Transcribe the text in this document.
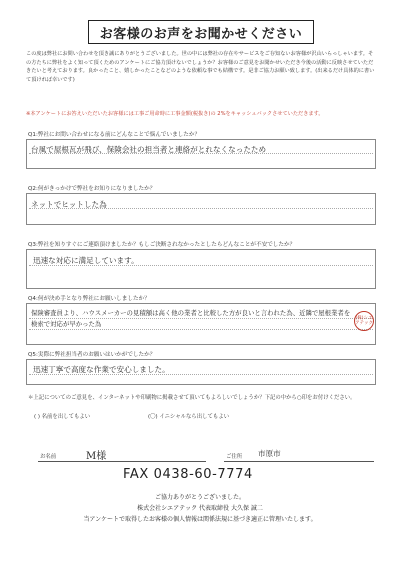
お客様のお声をお聞かせください
この度は弊社にお問い合わせを頂き誠にありがとうございました。世の中には弊社の存在やサービスをご存知ないお客様が沢山いらっしゃいます。その方たちに弊社をよく知って頂くためのアンケートにご協力頂けないでしょうか？お客様のご意見をお聞かせいただき今後の活動に反映させていただきたいと考えております。良かったこと、嬉しかったことなどのような依頼な事でも結構です。是非ご協力お願い致します。(出来るだけ具体的に書いて頂ければ幸いです)
※本アンケートにお答えいただいたお客様には工事ご用命時に工事金額(税抜き)の 2%をキャッシュバックさせていただきます。
Q1:弊社にお問い合わせになる前にどんなことで悩んでいましたか？
台風で屋根瓦が飛び、保険会社の担当者と連絡がとれなくなったため
Q2:何がきっかけで弊社をお知りになりましたか？
ネットでヒットした為
Q3:弊社を知りすぐにご連絡頂けましたか？もしご決断されなかったとしたらどんなことが不安でしたか？
迅速な対応に満足しています。
Q4:何が決め手となり弊社にお願いしましたか？
保険審査員より、ハウスメーカーの見積額は高く他の業者と比較した方が良いと言われた為、近隣で屋根業者を検索で対応が早かった為
(株)シエアテック
Q5:実際に弊社担当者のお願いはいかがでしたか？
迅速丁寧で高度な作業で安心しました。
＊上記についてのご意見を、インターネットや印刷物に掲載させて頂いてもよろしいでしょうか？下記の中から○印をお付けください。
( ) 名前を出してもよい	(〇) イニシャルなら出してもよい
お名前	M様	ご住所 市原市
FAX 0438-60-7774
ご協力ありがとうございました。
株式会社シエアテック 代表取締役 大久保 誠二
当アンケートで取得したお客様の個人情報は関係法規に基づき適正に管理いたします。
